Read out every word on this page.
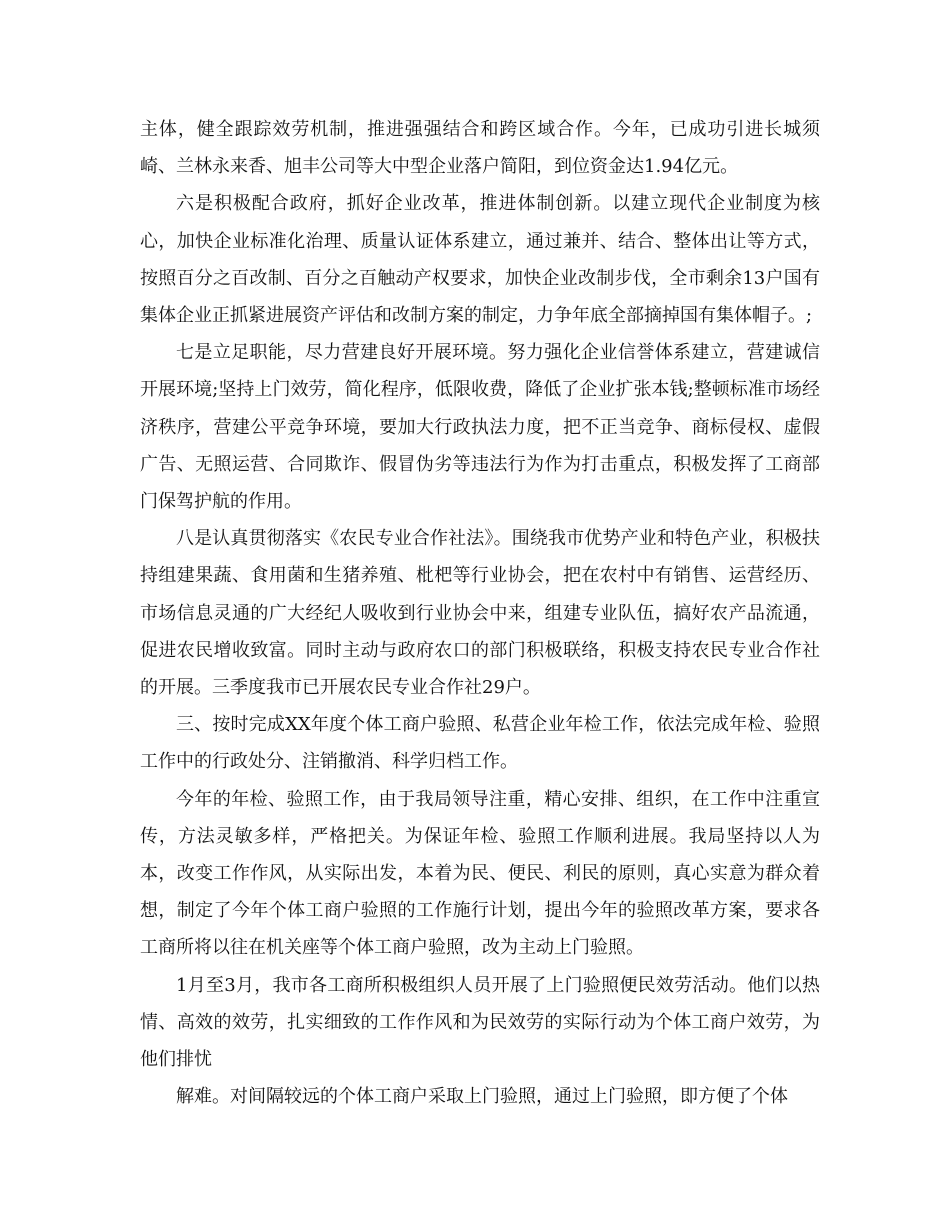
主体，健全跟踪效劳机制，推进强强结合和跨区域合作。今年，已成功引进长城须崎、兰林永来香、旭丰公司等大中型企业落户简阳，到位资金达1.94亿元。

六是积极配合政府，抓好企业改革，推进体制创新。以建立现代企业制度为核心，加快企业标准化治理、质量认证体系建立，通过兼并、结合、整体出让等方式，按照百分之百改制、百分之百触动产权要求，加快企业改制步伐，全市剩余13户国有集体企业正抓紧进展资产评估和改制方案的制定，力争年底全部摘掉国有集体帽子。;

七是立足职能，尽力营建良好开展环境。努力强化企业信誉体系建立，营建诚信开展环境;坚持上门效劳，简化程序，低限收费，降低了企业扩张本钱;整顿标准市场经济秩序，营建公平竞争环境，要加大行政执法力度，把不正当竞争、商标侵权、虚假广告、无照运营、合同欺诈、假冒伪劣等违法行为作为打击重点，积极发挥了工商部门保驾护航的作用。

八是认真贯彻落实《农民专业合作社法》。围绕我市优势产业和特色产业，积极扶持组建果蔬、食用菌和生猪养殖、枇杷等行业协会，把在农村中有销售、运营经历、市场信息灵通的广大经纪人吸收到行业协会中来，组建专业队伍，搞好农产品流通，促进农民增收致富。同时主动与政府农口的部门积极联络，积极支持农民专业合作社的开展。三季度我市已开展农民专业合作社29户。

三、按时完成XX年度个体工商户验照、私营企业年检工作，依法完成年检、验照工作中的行政处分、注销撤消、科学归档工作。

今年的年检、验照工作，由于我局领导注重，精心安排、组织，在工作中注重宣传，方法灵敏多样，严格把关。为保证年检、验照工作顺利进展。我局坚持以人为本，改变工作作风，从实际出发，本着为民、便民、利民的原则，真心实意为群众着想，制定了今年个体工商户验照的工作施行计划，提出今年的验照改革方案，要求各工商所将以往在机关座等个体工商户验照，改为主动上门验照。

1月至3月，我市各工商所积极组织人员开展了上门验照便民效劳活动。他们以热情、高效的效劳，扎实细致的工作作风和为民效劳的实际行动为个体工商户效劳，为他们排忧

解难。对间隔较远的个体工商户采取上门验照，通过上门验照，即方便了个体
